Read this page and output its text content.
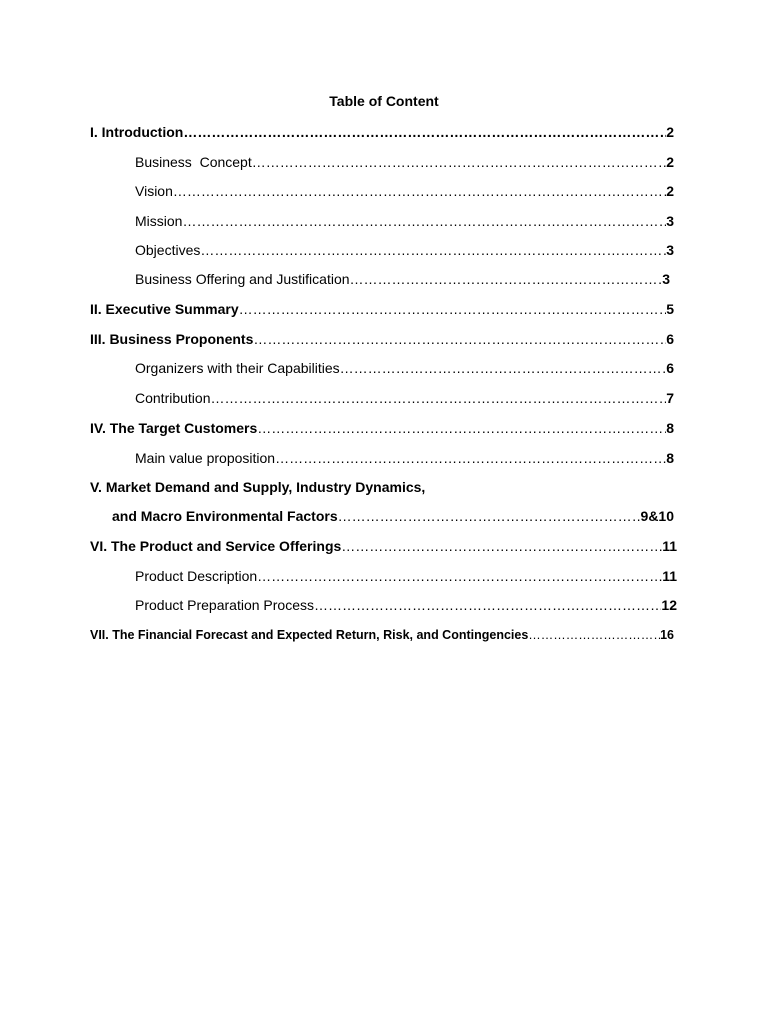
Table of Content
I. Introduction ………………………………………………………………………………………………………………………………………………………………………………………………………………	2
Business  Concept ………………………………………………………………………………………………………………………………………………………………………………………………………………	2
Vision ………………………………………………………………………………………………………………………………………………………………………………………………………………	2
Mission ………………………………………………………………………………………………………………………………………………………………………………………………………………	3
Objectives ………………………………………………………………………………………………………………………………………………………………………………………………………………	3
Business Offering and Justification ………………………………………………………………………………………………………………………………………………………………………………………………………………	3
II. Executive Summary ………………………………………………………………………………………………………………………………………………………………………………………………………………	5
III. Business Proponents ………………………………………………………………………………………………………………………………………………………………………………………………………………	6
Organizers with their Capabilities ………………………………………………………………………………………………………………………………………………………………………………………………………………	6
Contribution ………………………………………………………………………………………………………………………………………………………………………………………………………………	7
IV. The Target Customers ………………………………………………………………………………………………………………………………………………………………………………………………………………	8
Main value proposition ………………………………………………………………………………………………………………………………………………………………………………………………………………	8
V. Market Demand and Supply, Industry Dynamics,
and Macro Environmental Factors ………………………………………………………………………………………………………………………………………………………………………………………………………………	9&10
VI. The Product and Service Offerings ………………………………………………………………………………………………………………………………………………………………………………………………………………	11
Product Description ………………………………………………………………………………………………………………………………………………………………………………………………………………	11
Product Preparation Process ………………………………………………………………………………………………………………………………………………………………………………………………………………	12
VII. The Financial Forecast and Expected Return, Risk, and Contingencies ………………………………………………………………………………………………………………………………………………………………………………………………………………	16
